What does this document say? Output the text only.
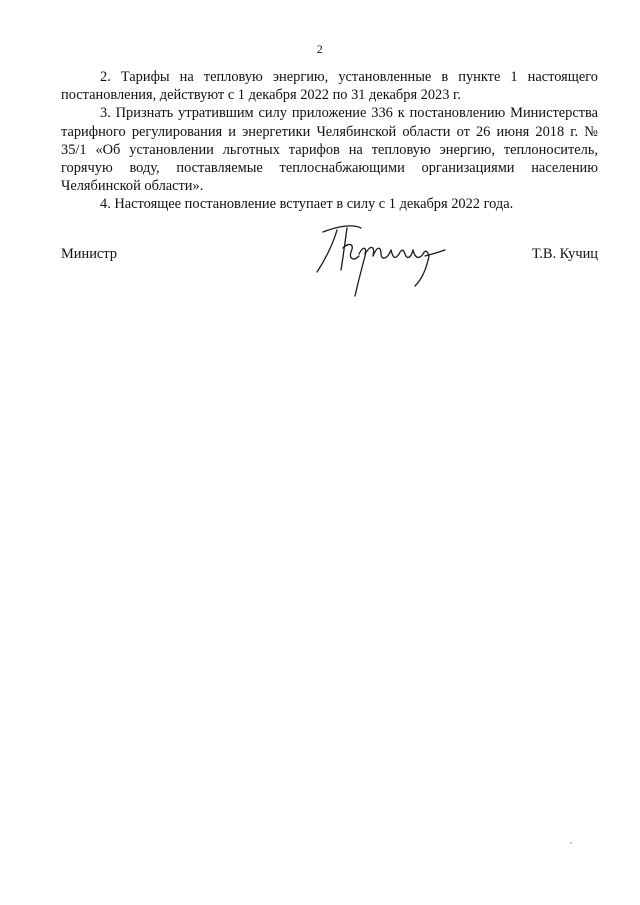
2

2. Тарифы на тепловую энергию, установленные в пункте 1 настоящего постановления, действуют с 1 декабря 2022 по 31 декабря 2023 г.

3. Признать утратившим силу приложение 336 к постановлению Министерства тарифного регулирования и энергетики Челябинской области от 26 июня 2018 г. № 35/1 «Об установлении льготных тарифов на тепловую энергию, теплоноситель, горячую воду, поставляемые теплоснабжающими организациями населению Челябинской области».

4. Настоящее постановление вступает в силу с 1 декабря 2022 года.

Министр	Т.В. Кучиц
